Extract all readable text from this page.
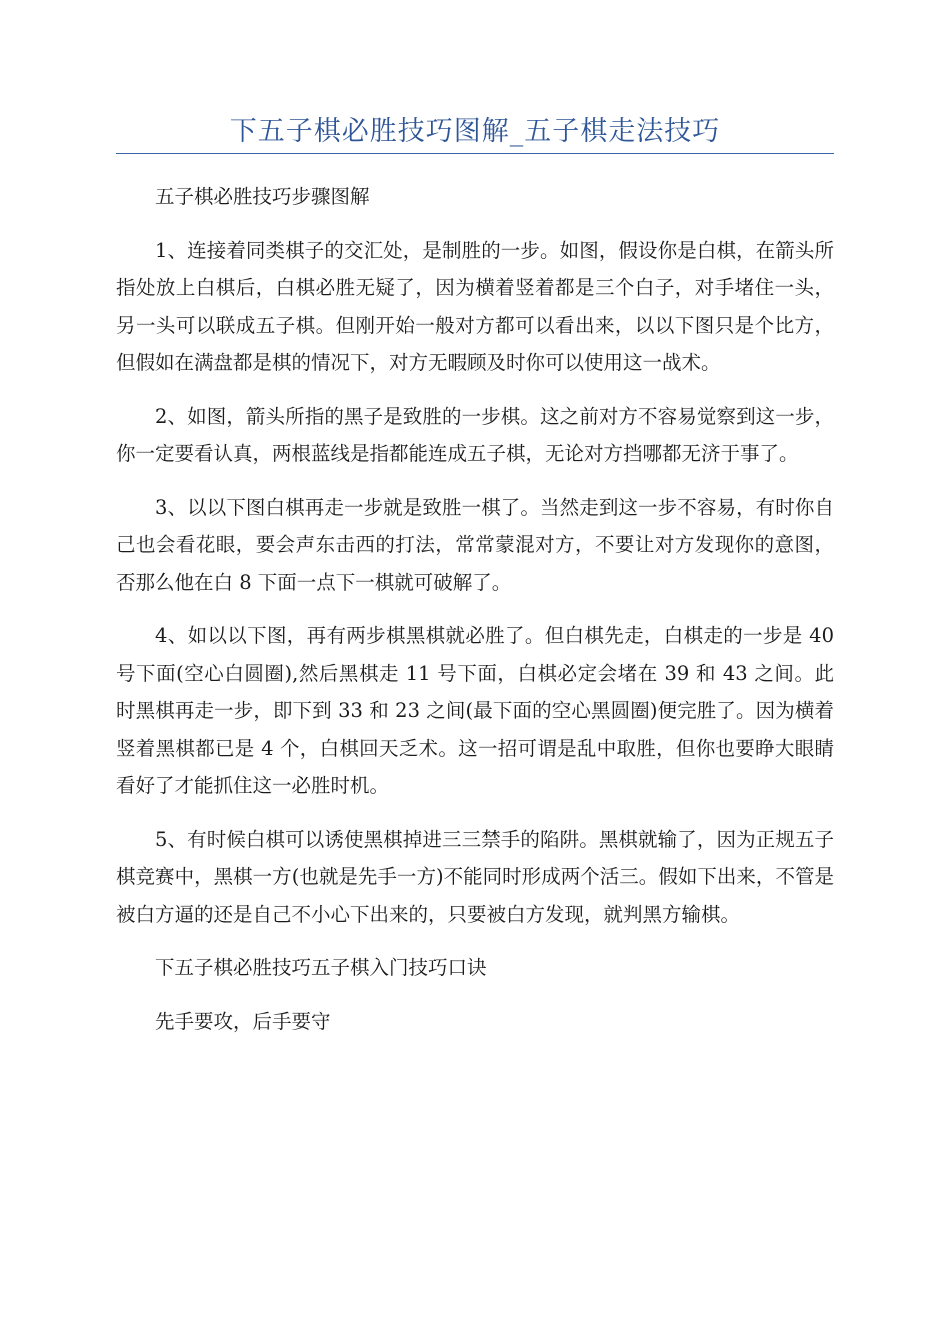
下五子棋必胜技巧图解_五子棋走法技巧

五子棋必胜技巧步骤图解

1、连接着同类棋子的交汇处，是制胜的一步。如图，假设你是白棋，在箭头所指处放上白棋后，白棋必胜无疑了，因为横着竖着都是三个白子，对手堵住一头，另一头可以联成五子棋。但刚开始一般对方都可以看出来，以以下图只是个比方，但假如在满盘都是棋的情况下，对方无暇顾及时你可以使用这一战术。

2、如图，箭头所指的黑子是致胜的一步棋。这之前对方不容易觉察到这一步，你一定要看认真，两根蓝线是指都能连成五子棋，无论对方挡哪都无济于事了。

3、以以下图白棋再走一步就是致胜一棋了。当然走到这一步不容易，有时你自己也会看花眼，要会声东击西的打法，常常蒙混对方，不要让对方发现你的意图，否那么他在白 8 下面一点下一棋就可破解了。

4、如以以下图，再有两步棋黑棋就必胜了。但白棋先走，白棋走的一步是 40 号下面(空心白圆圈),然后黑棋走 11 号下面，白棋必定会堵在 39 和 43 之间。此时黑棋再走一步，即下到 33 和 23 之间(最下面的空心黑圆圈)便完胜了。因为横着竖着黑棋都已是 4 个，白棋回天乏术。这一招可谓是乱中取胜，但你也要睁大眼睛看好了才能抓住这一必胜时机。

5、有时候白棋可以诱使黑棋掉进三三禁手的陷阱。黑棋就输了，因为正规五子棋竞赛中，黑棋一方(也就是先手一方)不能同时形成两个活三。假如下出来，不管是被白方逼的还是自己不小心下出来的，只要被白方发现，就判黑方输棋。

下五子棋必胜技巧五子棋入门技巧口诀

先手要攻，后手要守
